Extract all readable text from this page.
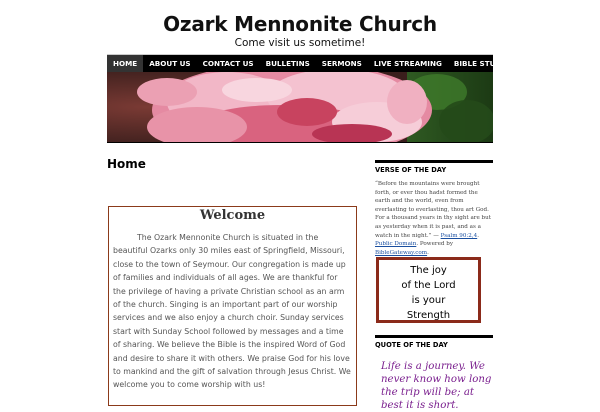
Ozark Mennonite Church
Come visit us sometime!
HOME	ABOUT US	CONTACT US	BULLETINS	SERMONS	LIVE STREAMING	BIBLE STUDY TOOLS
Home
Welcome

The Ozark Mennonite Church is situated in the beautiful Ozarks only 30 miles east of Springfield, Missouri, close to the town of Seymour. Our congregation is made up of families and individuals of all ages. We are thankful for the privilege of having a private Christian school as an arm of the church. Singing is an important part of our worship services and we also enjoy a church choir. Sunday services start with Sunday School followed by messages and a time of sharing. We believe the Bible is the inspired Word of God and desire to share it with others. We praise God for his love to mankind and the gift of salvation through Jesus Christ. We welcome you to come worship with us!

VERSE OF THE DAY
“Before the mountains were brought forth, or ever thou hadst formed the earth and the world, even from everlasting to everlasting, thou art God. For a thousand years in thy sight are but as yesterday when it is past, and as a watch in the night.” — Psalm 90:2,4. Public Domain. Powered by BibleGateway.com.
The joy
of the Lord
is your
Strength
QUOTE OF THE DAY
Life is a journey. We never know how long the trip will be; at best it is short.
